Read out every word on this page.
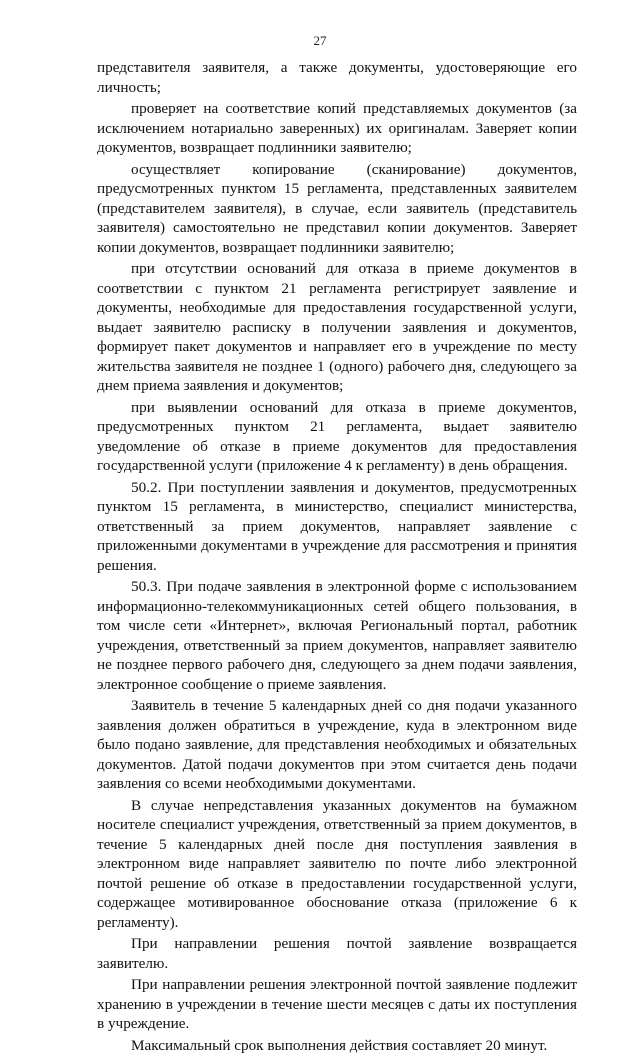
27

представителя заявителя, а также документы, удостоверяющие его личность;

проверяет на соответствие копий представляемых документов (за исключением нотариально заверенных) их оригиналам. Заверяет копии документов, возвращает подлинники заявителю;

осуществляет копирование (сканирование) документов, предусмотренных пунктом 15 регламента, представленных заявителем (представителем заявителя), в случае, если заявитель (представитель заявителя) самостоятельно не представил копии документов. Заверяет копии документов, возвращает подлинники заявителю;

при отсутствии оснований для отказа в приеме документов в соответствии с пунктом 21 регламента регистрирует заявление и документы, необходимые для предоставления государственной услуги, выдает заявителю расписку в получении заявления и документов, формирует пакет документов и направляет его в учреждение по месту жительства заявителя не позднее 1 (одного) рабочего дня, следующего за днем приема заявления и документов;

при выявлении оснований для отказа в приеме документов, предусмотренных пунктом 21 регламента, выдает заявителю уведомление об отказе в приеме документов для предоставления государственной услуги (приложение 4 к регламенту) в день обращения.

50.2. При поступлении заявления и документов, предусмотренных пунктом 15 регламента, в министерство, специалист министерства, ответственный за прием документов, направляет заявление с приложенными документами в учреждение для рассмотрения и принятия решения.

50.3. При подаче заявления в электронной форме с использованием информационно-телекоммуникационных сетей общего пользования, в том числе сети «Интернет», включая Региональный портал, работник учреждения, ответственный за прием документов, направляет заявителю не позднее первого рабочего дня, следующего за днем подачи заявления, электронное сообщение о приеме заявления.

Заявитель в течение 5 календарных дней со дня подачи указанного заявления должен обратиться в учреждение, куда в электронном виде было подано заявление, для представления необходимых и обязательных документов. Датой подачи документов при этом считается день подачи заявления со всеми необходимыми документами.

В случае непредставления указанных документов на бумажном носителе специалист учреждения, ответственный за прием документов, в течение 5 календарных дней после дня поступления заявления в электронном виде направляет заявителю по почте либо электронной почтой решение об отказе в предоставлении государственной услуги, содержащее мотивированное обоснование отказа (приложение 6 к регламенту).

При направлении решения почтой заявление возвращается заявителю.

При направлении решения электронной почтой заявление подлежит хранению в учреждении в течение шести месяцев с даты их поступления в учреждение.

Максимальный срок выполнения действия составляет 20 минут.
